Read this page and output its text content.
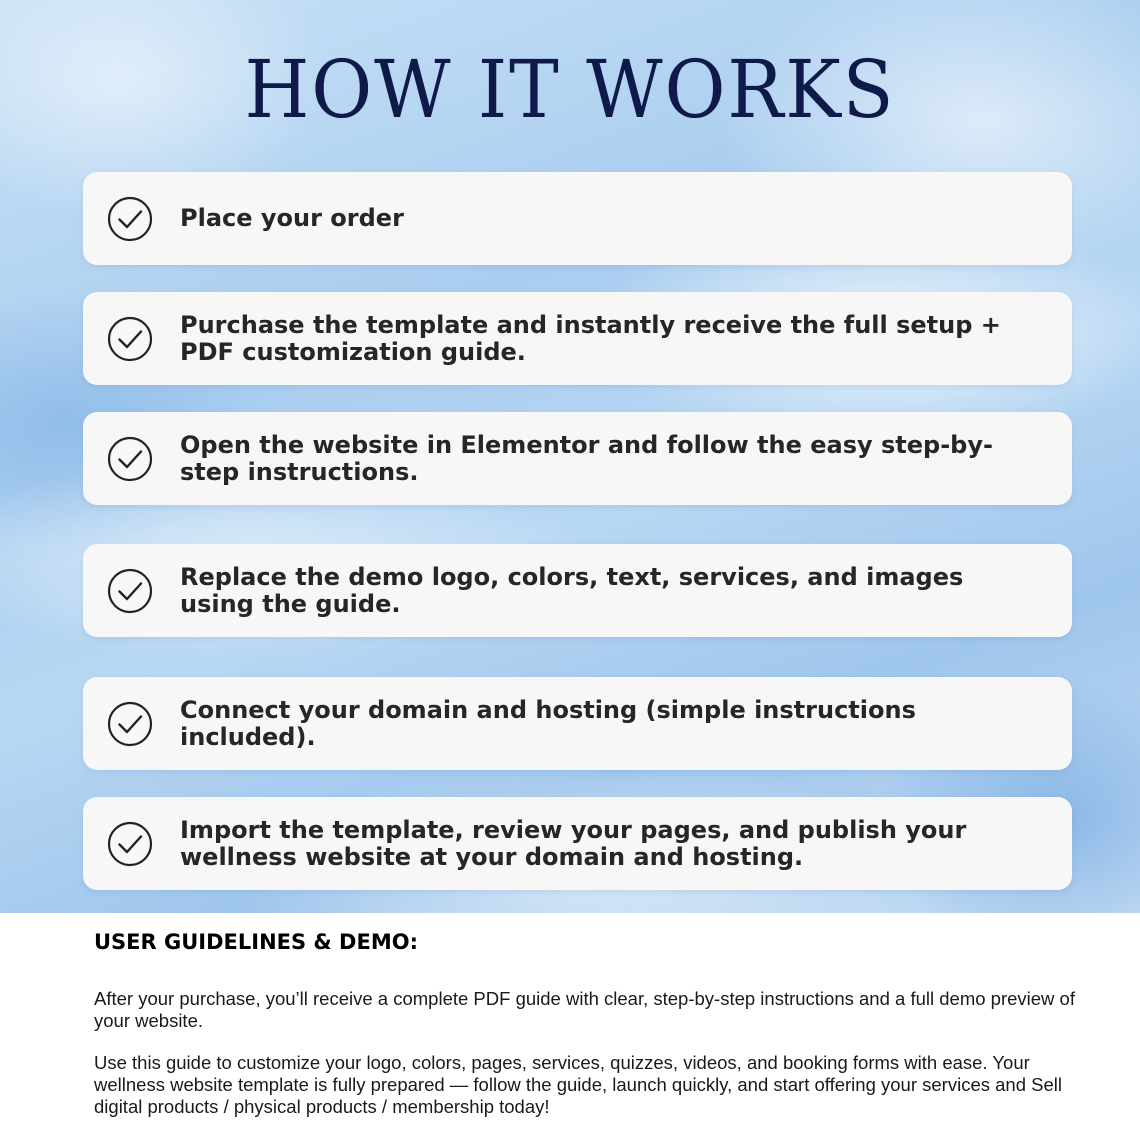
HOW IT WORKS
Place your order
Purchase the template and instantly receive the full setup + PDF customization guide.
Open the website in Elementor and follow the easy step-by-step instructions.
Replace the demo logo, colors, text, services, and images using the guide.
Connect your domain and hosting (simple instructions included).
Import the template, review your pages, and publish your wellness website at your domain and hosting.
USER GUIDELINES & DEMO:

After your purchase, you’ll receive a complete PDF guide with clear, step-by-step instructions and a full demo preview of your website.

Use this guide to customize your logo, colors, pages, services, quizzes, videos, and booking forms with ease. Your wellness website template is fully prepared — follow the guide, launch quickly, and start offering your services and Sell digital products / physical products / membership today!
